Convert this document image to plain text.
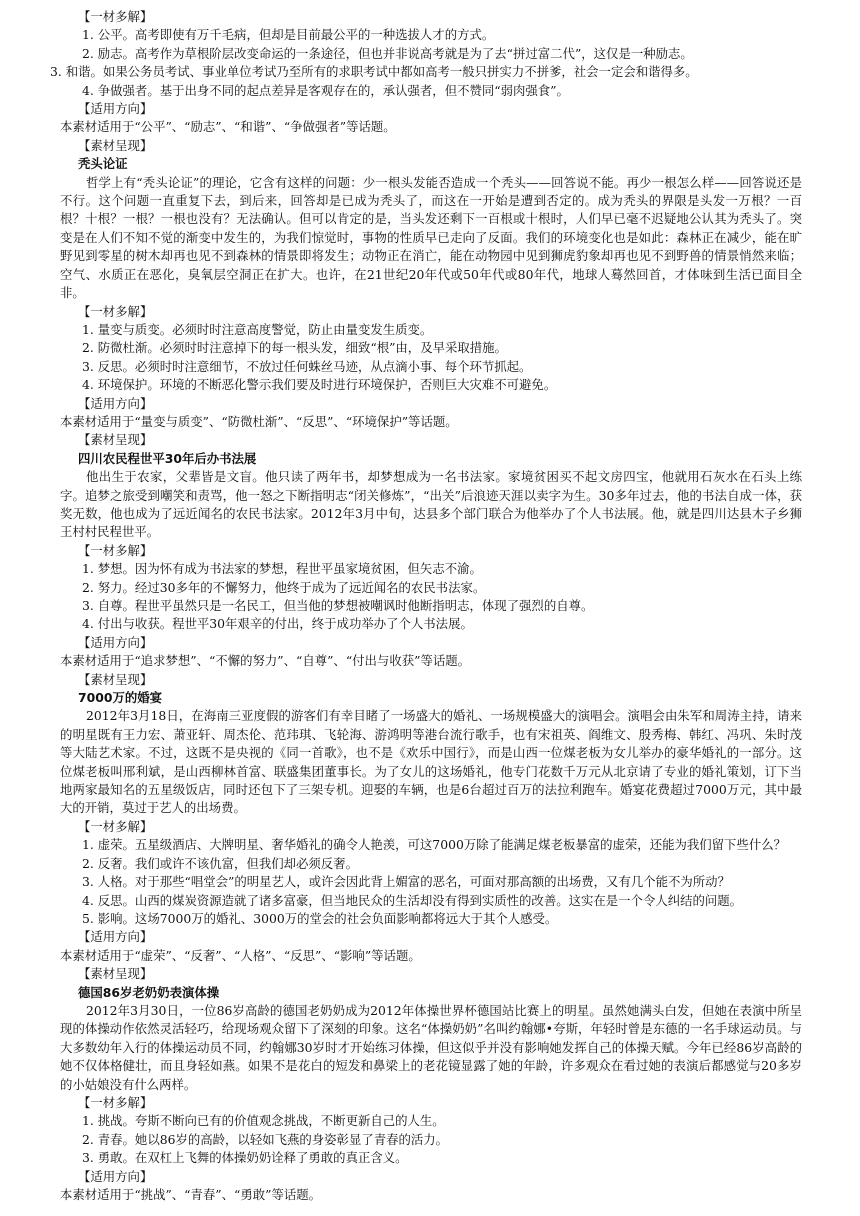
【一材多解】
1. 公平。高考即使有万千毛病，但却是目前最公平的一种选拔人才的方式。
2. 励志。高考作为草根阶层改变命运的一条途径，但也并非说高考就是为了去“拼过富二代”，这仅是一种励志。
3. 和谐。如果公务员考试、事业单位考试乃至所有的求职考试中都如高考一般只拼实力不拼爹，社会一定会和谐得多。
4. 争做强者。基于出身不同的起点差异是客观存在的，承认强者，但不赞同“弱肉强食”。
【适用方向】
本素材适用于“公平”、“励志”、“和谐”、“争做强者”等话题。
【素材呈现】
秃头论证
哲学上有“秃头论证”的理论，它含有这样的问题：少一根头发能否造成一个秃头——回答说不能。再少一根怎么样——回答说还是不行。这个问题一直重复下去，到后来，回答却是已成为秃头了，而这在一开始是遭到否定的。成为秃头的界限是头发一万根？一百根？十根？一根？一根也没有？无法确认。但可以肯定的是，当头发还剩下一百根或十根时，人们早已毫不迟疑地公认其为秃头了。突变是在人们不知不觉的渐变中发生的，为我们惊觉时，事物的性质早已走向了反面。我们的环境变化也是如此：森林正在减少，能在旷野见到零星的树木却再也见不到森林的情景即将发生；动物正在消亡，能在动物园中见到狮虎豹象却再也见不到野兽的情景悄然来临；空气、水质正在恶化，臭氧层空洞正在扩大。也许，在21世纪20年代或50年代或80年代，地球人蓦然回首，才体味到生活已面目全非。
【一材多解】
1. 量变与质变。必须时时注意高度警觉，防止由量变发生质变。
2. 防微杜渐。必须时时注意掉下的每一根头发，细致“根”由，及早采取措施。
3. 反思。必须时时注意细节，不放过任何蛛丝马迹，从点滴小事、每个环节抓起。
4. 环境保护。环境的不断恶化警示我们要及时进行环境保护，否则巨大灾难不可避免。
【适用方向】
本素材适用于“量变与质变”、“防微杜渐”、“反思”、“环境保护”等话题。
【素材呈现】
四川农民程世平30年后办书法展
他出生于农家，父辈皆是文盲。他只读了两年书，却梦想成为一名书法家。家境贫困买不起文房四宝，他就用石灰水在石头上练字。追梦之旅受到嘲笑和责骂，他一怒之下断指明志“闭关修炼”，“出关”后浪迹天涯以卖字为生。30多年过去，他的书法自成一体，获奖无数，他也成为了远近闻名的农民书法家。2012年3月中旬，达县多个部门联合为他举办了个人书法展。他，就是四川达县木子乡狮王村村民程世平。
【一材多解】
1. 梦想。因为怀有成为书法家的梦想，程世平虽家境贫困，但矢志不渝。
2. 努力。经过30多年的不懈努力，他终于成为了远近闻名的农民书法家。
3. 自尊。程世平虽然只是一名民工，但当他的梦想被嘲讽时他断指明志，体现了强烈的自尊。
4. 付出与收获。程世平30年艰辛的付出，终于成功举办了个人书法展。
【适用方向】
本素材适用于“追求梦想”、“不懈的努力”、“自尊”、“付出与收获”等话题。
【素材呈现】
7000万的婚宴
2012年3月18日，在海南三亚度假的游客们有幸目睹了一场盛大的婚礼、一场规模盛大的演唱会。演唱会由朱军和周涛主持，请来的明星既有王力宏、萧亚轩、周杰伦、范玮琪、飞轮海、游鸿明等港台流行歌手，也有宋祖英、阎维文、殷秀梅、韩红、冯巩、朱时茂等大陆艺术家。不过，这既不是央视的《同一首歌》，也不是《欢乐中国行》，而是山西一位煤老板为女儿举办的豪华婚礼的一部分。这位煤老板叫邢利斌，是山西柳林首富、联盛集团董事长。为了女儿的这场婚礼，他专门花数千万元从北京请了专业的婚礼策划，订下当地两家最知名的五星级饭店，同时还包下了三架专机。迎娶的车辆，也是6台超过百万的法拉利跑车。婚宴花费超过7000万元，其中最大的开销，莫过于艺人的出场费。
【一材多解】
1. 虚荣。五星级酒店、大牌明星、奢华婚礼的确令人艳羡，可这7000万除了能满足煤老板暴富的虚荣，还能为我们留下些什么？
2. 反奢。我们或许不该仇富，但我们却必须反奢。
3. 人格。对于那些“唱堂会”的明星艺人，或许会因此背上媚富的恶名，可面对那高额的出场费，又有几个能不为所动？
4. 反思。山西的煤炭资源造就了诸多富豪，但当地民众的生活却没有得到实质性的改善。这实在是一个令人纠结的问题。
5. 影响。这场7000万的婚礼、3000万的堂会的社会负面影响都将远大于其个人感受。
【适用方向】
本素材适用于“虚荣”、“反奢”、“人格”、“反思”、“影响”等话题。
【素材呈现】
德国86岁老奶奶表演体操
2012年3月30日，一位86岁高龄的德国老奶奶成为2012年体操世界杯德国站比赛上的明星。虽然她满头白发，但她在表演中所呈现的体操动作依然灵活轻巧，给现场观众留下了深刻的印象。这名“体操奶奶”名叫约翰娜•夸斯，年轻时曾是东德的一名手球运动员。与大多数幼年入行的体操运动员不同，约翰娜30岁时才开始练习体操，但这似乎并没有影响她发挥自己的体操天赋。今年已经86岁高龄的她不仅体格健壮，而且身轻如燕。如果不是花白的短发和鼻梁上的老花镜显露了她的年龄，许多观众在看过她的表演后都感觉与20多岁的小姑娘没有什么两样。
【一材多解】
1. 挑战。夸斯不断向已有的价值观念挑战，不断更新自己的人生。
2. 青春。她以86岁的高龄，以轻如飞燕的身姿彰显了青春的活力。
3. 勇敢。在双杠上飞舞的体操奶奶诠释了勇敢的真正含义。
【适用方向】
本素材适用于“挑战”、“青春”、“勇敢”等话题。
